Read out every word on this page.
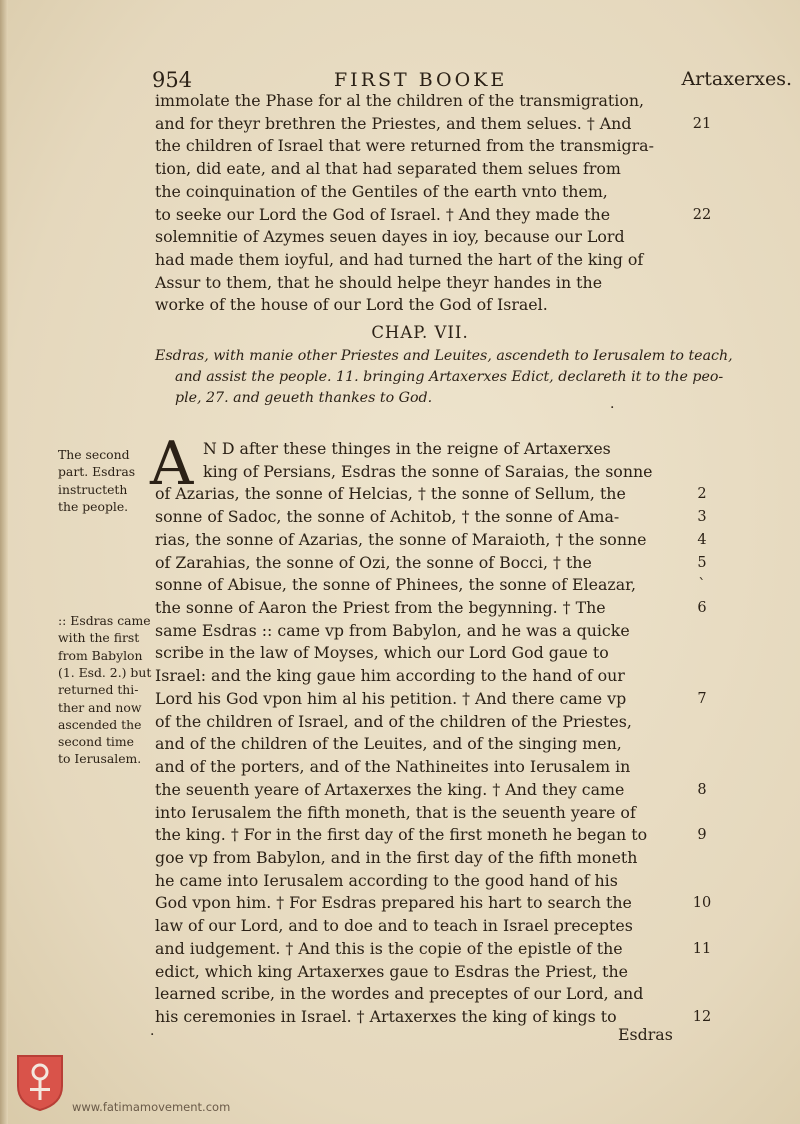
954	FIRST BOOKE	Artaxerxes.
immolate the Phase for al the children of the transmigration,
and for theyr brethren the Priestes, and them selues. † And
the children of Israel that were returned from the transmigra-
tion, did eate, and al that had separated them selues from
the coinquination of the Gentiles of the earth vnto them,
to seeke our Lord the God of Israel. † And they made the
solemnitie of Azymes seuen dayes in ioy, because our Lord
had made them ioyful, and had turned the hart of the king of
Assur to them, that he should helpe theyr handes in the
worke of the house of our Lord the God of Israel.
21
22
CHAP. VII.
Esdras, with manie other Priestes and Leuites, ascendeth to Ierusalem to teach,
and assist the people. 11. bringing Artaxerxes Edict, declareth it to the peo-
ple, 27. and geueth thankes to God.
·
A N D after these thinges in the reigne of Artaxerxes
king of Persians, Esdras the sonne of Saraias, the sonne
of Azarias, the sonne of Helcias, † the sonne of Sellum, the
sonne of Sadoc, the sonne of Achitob, † the sonne of Ama-
rias, the sonne of Azarias, the sonne of Maraioth, † the sonne
of Zarahias, the sonne of Ozi, the sonne of Bocci, † the
sonne of Abisue, the sonne of Phinees, the sonne of Eleazar,
the sonne of Aaron the Priest from the begynning. † The
same Esdras :: came vp from Babylon, and he was a quicke
scribe in the law of Moyses, which our Lord God gaue to
Israel: and the king gaue him according to the hand of our
Lord his God vpon him al his petition. † And there came vp
of the children of Israel, and of the children of the Priestes,
and of the children of the Leuites, and of the singing men,
and of the porters, and of the Nathineites into Ierusalem in
the seuenth yeare of Artaxerxes the king. † And they came
into Ierusalem the fifth moneth, that is the seuenth yeare of
the king. † For in the first day of the first moneth he began to
goe vp from Babylon, and in the first day of the fifth moneth
he came into Ierusalem according to the good hand of his
God vpon him. † For Esdras prepared his hart to search the
law of our Lord, and to doe and to teach in Israel preceptes
and iudgement. † And this is the copie of the epistle of the
edict, which king Artaxerxes gaue to Esdras the Priest, the
learned scribe, in the wordes and preceptes of our Lord, and
his ceremonies in Israel. † Artaxerxes the king of kings to
2
3
4
5
`
6
7
8
9
10
11
12
The second
part. Esdras
instructeth
the people.
:: Esdras came
with the first
from Babylon
(1. Esd. 2.) but
returned thi-
ther and now
ascended the
second time
to Ierusalem.
·	Esdras
www.fatimamovement.com
